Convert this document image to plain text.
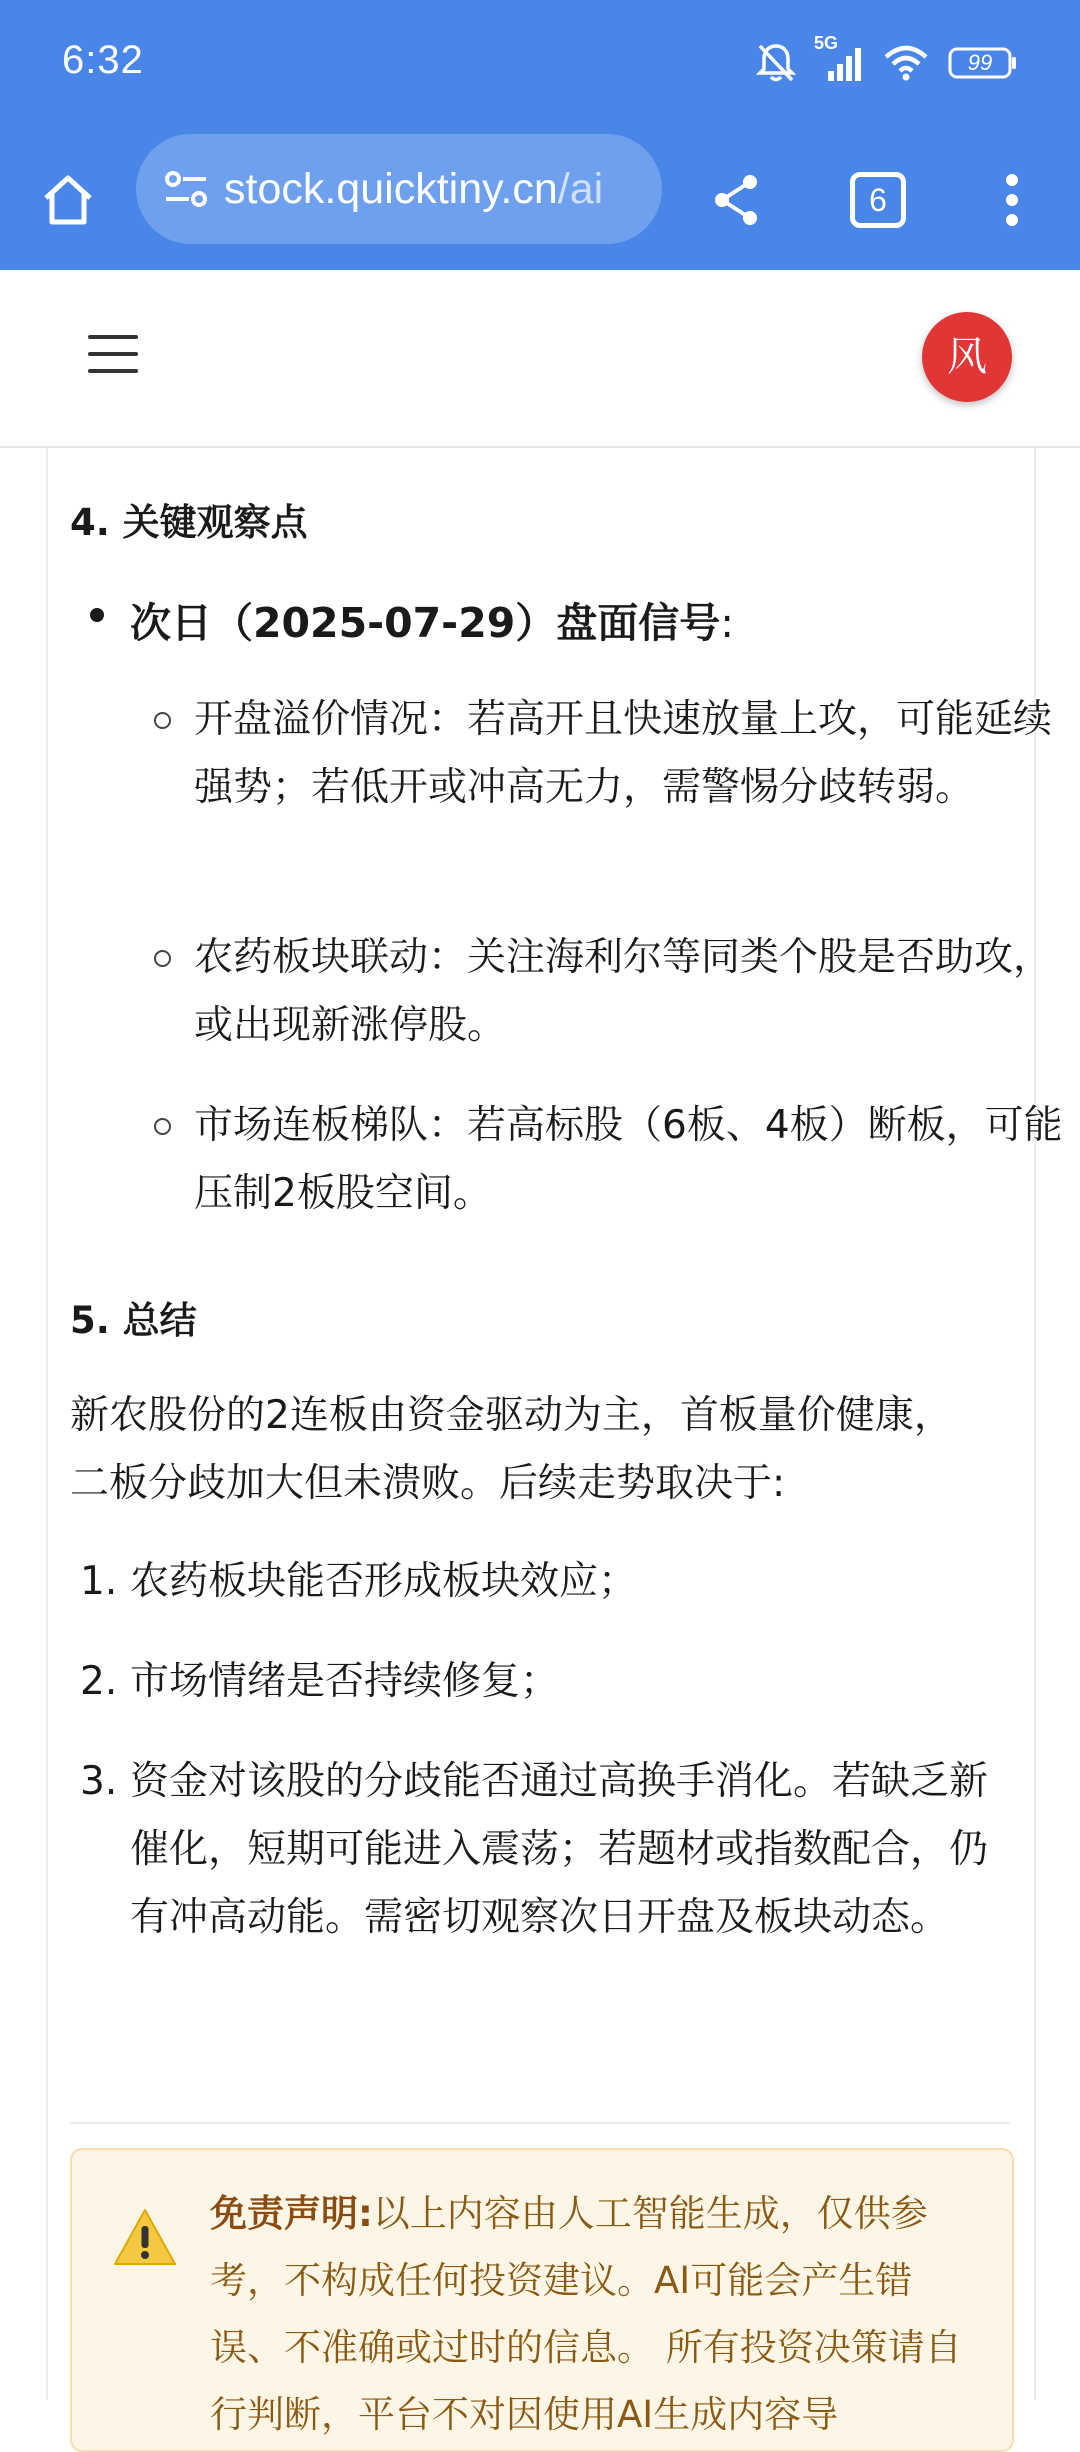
6:32	5G
99
stock.quicktiny.cn/ai	6
风
4. 关键观察点
次日（2025-07-29）盘面信号:
开盘溢价情况：若高开且快速放量上攻，可能延续强势；若低开或冲高无力，需警惕分歧转弱。
农药板块联动：关注海利尔等同类个股是否助攻，或出现新涨停股。
市场连板梯队：若高标股（6板、4板）断板，可能压制2板股空间。
5. 总结
新农股份的2连板由资金驱动为主，首板量价健康，二板分歧加大但未溃败。后续走势取决于:
1. 农药板块能否形成板块效应；
2. 市场情绪是否持续修复；
3. 资金对该股的分歧能否通过高换手消化。若缺乏新催化，短期可能进入震荡；若题材或指数配合，仍有冲高动能。需密切观察次日开盘及板块动态。
免责声明:以上内容由人工智能生成，仅供参考，不构成任何投资建议。AI可能会产生错误、不准确或过时的信息。 所有投资决策请自行判断，平台不对因使用AI生成内容导
